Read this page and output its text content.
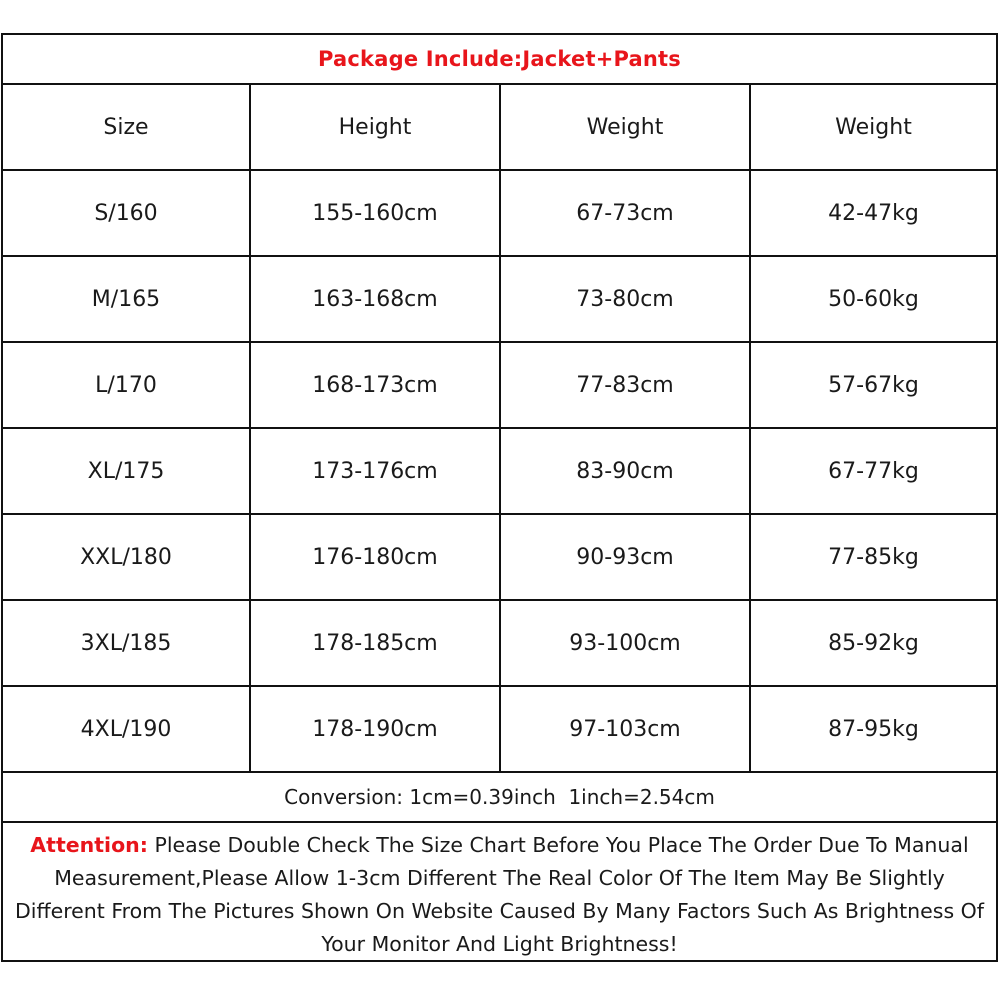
Package Include:Jacket+Pants
Size	Height	Weight	Weight
S/160	155-160cm	67-73cm	42-47kg
M/165	163-168cm	73-80cm	50-60kg
L/170	168-173cm	77-83cm	57-67kg
XL/175	173-176cm	83-90cm	67-77kg
XXL/180	176-180cm	90-93cm	77-85kg
3XL/185	178-185cm	93-100cm	85-92kg
4XL/190	178-190cm	97-103cm	87-95kg
Conversion: 1cm=0.39inch  1inch=2.54cm
Attention: Please Double Check The Size Chart Before You Place The Order Due To Manual Measurement,Please Allow 1-3cm Different The Real Color Of The Item May Be Slightly Different From The Pictures Shown On Website Caused By Many Factors Such As Brightness Of Your Monitor And Light Brightness!
